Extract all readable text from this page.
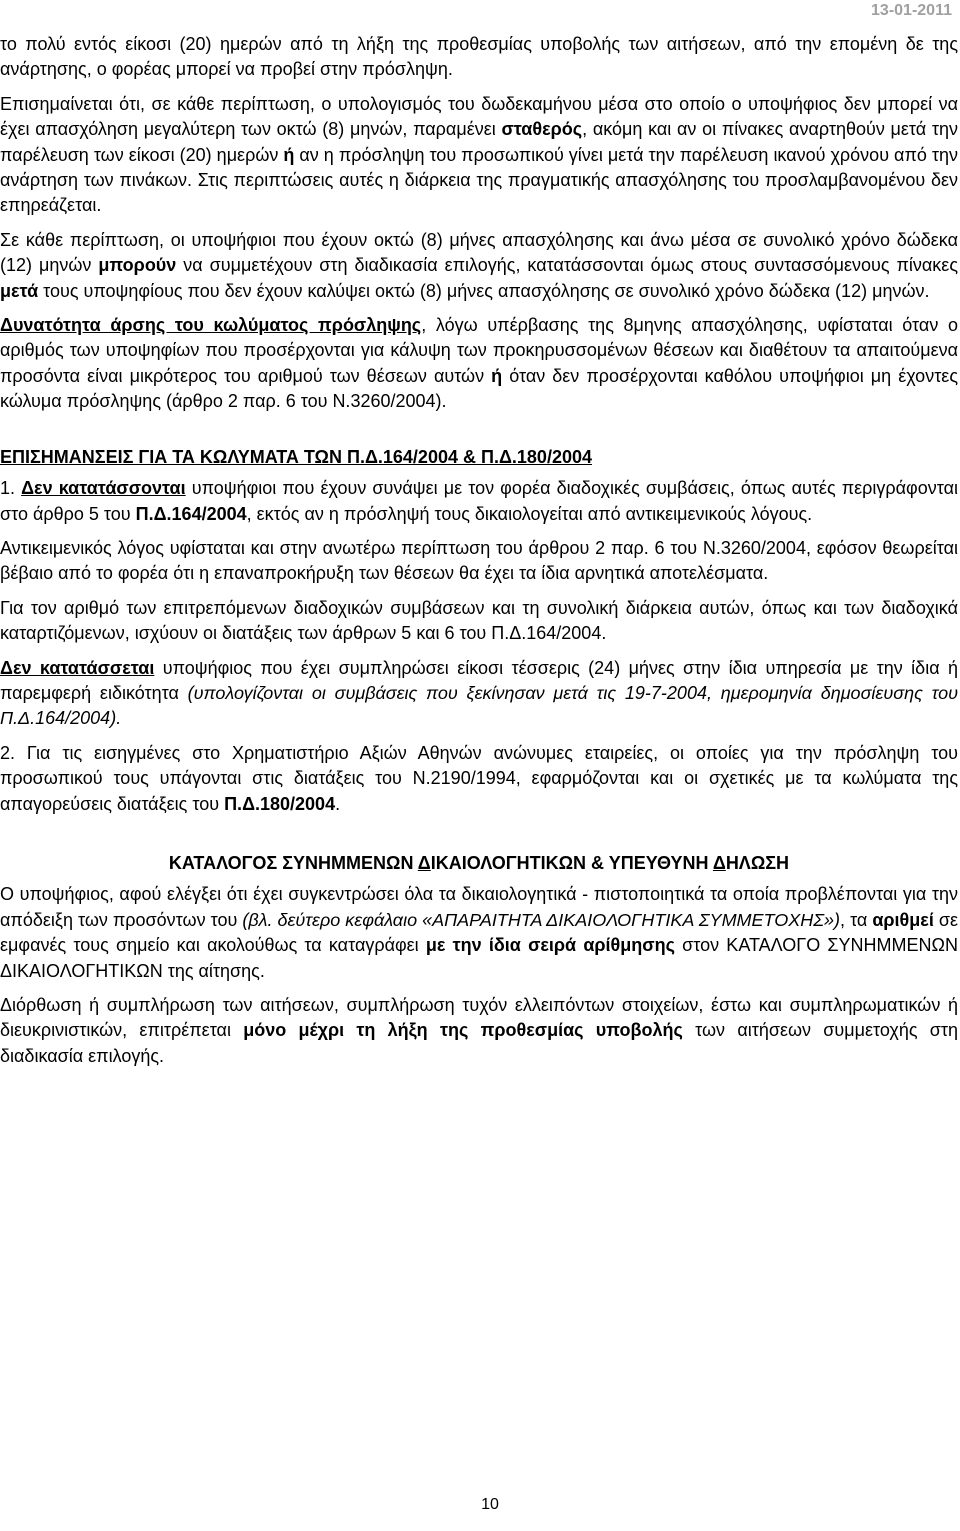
13-01-2011

το πολύ εντός είκοσι (20) ημερών από τη λήξη της προθεσμίας υποβολής των αιτήσεων, από την επομένη δε της ανάρτησης, ο φορέας μπορεί να προβεί στην πρόσληψη.

Επισημαίνεται ότι, σε κάθε περίπτωση, ο υπολογισμός του δωδεκαμήνου μέσα στο οποίο ο υποψήφιος δεν μπορεί να έχει απασχόληση μεγαλύτερη των οκτώ (8) μηνών, παραμένει σταθερός, ακόμη και αν οι πίνακες αναρτηθούν μετά την παρέλευση των είκοσι (20) ημερών ή αν η πρόσληψη του προσωπικού γίνει μετά την παρέλευση ικανού χρόνου από την ανάρτηση των πινάκων. Στις περιπτώσεις αυτές η διάρκεια της πραγματικής απασχόλησης του προσλαμβανομένου δεν επηρεάζεται.

Σε κάθε περίπτωση, οι υποψήφιοι που έχουν οκτώ (8) μήνες απασχόλησης και άνω μέσα σε συνολικό χρόνο δώδεκα (12) μηνών μπορούν να συμμετέχουν στη διαδικασία επιλογής, κατατάσσονται όμως στους συντασσόμενους πίνακες μετά τους υποψηφίους που δεν έχουν καλύψει οκτώ (8) μήνες απασχόλησης σε συνολικό χρόνο δώδεκα (12) μηνών.

Δυνατότητα άρσης του κωλύματος πρόσληψης, λόγω υπέρβασης της 8μηνης απασχόλησης, υφίσταται όταν ο αριθμός των υποψηφίων που προσέρχονται για κάλυψη των προκηρυσσομένων θέσεων και διαθέτουν τα απαιτούμενα προσόντα είναι μικρότερος του αριθμού των θέσεων αυτών ή όταν δεν προσέρχονται καθόλου υποψήφιοι μη έχοντες κώλυμα πρόσληψης (άρθρο 2 παρ. 6 του Ν.3260/2004).

ΕΠΙΣΗΜΑΝΣΕΙΣ ΓΙΑ ΤΑ ΚΩΛΥΜΑΤΑ ΤΩΝ Π.Δ.164/2004 & Π.Δ.180/2004

1. Δεν κατατάσσονται υποψήφιοι που έχουν συνάψει με τον φορέα διαδοχικές συμβάσεις, όπως αυτές περιγράφονται στο άρθρο 5 του Π.Δ.164/2004, εκτός αν η πρόσληψή τους δικαιολογείται από αντικειμενικούς λόγους.

Αντικειμενικός λόγος υφίσταται και στην ανωτέρω περίπτωση του άρθρου 2 παρ. 6 του Ν.3260/2004, εφόσον θεωρείται βέβαιο από το φορέα ότι η επαναπροκήρυξη των θέσεων θα έχει τα ίδια αρνητικά αποτελέσματα.

Για τον αριθμό των επιτρεπόμενων διαδοχικών συμβάσεων και τη συνολική διάρκεια αυτών, όπως και των διαδοχικά καταρτιζόμενων, ισχύουν οι διατάξεις των άρθρων 5 και 6 του Π.Δ.164/2004.

Δεν κατατάσσεται υποψήφιος που έχει συμπληρώσει είκοσι τέσσερις (24) μήνες στην ίδια υπηρεσία με την ίδια ή παρεμφερή ειδικότητα (υπολογίζονται οι συμβάσεις που ξεκίνησαν μετά τις 19-7-2004, ημερομηνία δημοσίευσης του Π.Δ.164/2004).

2. Για τις εισηγμένες στο Χρηματιστήριο Αξιών Αθηνών ανώνυμες εταιρείες, οι οποίες για την πρόσληψη του προσωπικού τους υπάγονται στις διατάξεις του Ν.2190/1994, εφαρμόζονται και οι σχετικές με τα κωλύματα της απαγορεύσεις διατάξεις του Π.Δ.180/2004.

ΚΑΤΑΛΟΓΟΣ ΣΥΝΗΜΜΕΝΩΝ ΔΙΚΑΙΟΛΟΓΗΤΙΚΩΝ & ΥΠΕΥΘΥΝΗ ΔΗΛΩΣΗ

Ο υποψήφιος, αφού ελέγξει ότι έχει συγκεντρώσει όλα τα δικαιολογητικά - πιστοποιητικά τα οποία προβλέπονται για την απόδειξη των προσόντων του (βλ. δεύτερο κεφάλαιο «ΑΠΑΡΑΙΤΗΤΑ ΔΙΚΑΙΟΛΟΓΗΤΙΚΑ ΣΥΜΜΕΤΟΧΗΣ»), τα αριθμεί σε εμφανές τους σημείο και ακολούθως τα καταγράφει με την ίδια σειρά αρίθμησης στον ΚΑΤΑΛΟΓΟ ΣΥΝΗΜΜΕΝΩΝ ΔΙΚΑΙΟΛΟΓΗΤΙΚΩΝ της αίτησης.

Διόρθωση ή συμπλήρωση των αιτήσεων, συμπλήρωση τυχόν ελλειπόντων στοιχείων, έστω και συμπληρωματικών ή διευκρινιστικών, επιτρέπεται μόνο μέχρι τη λήξη της προθεσμίας υποβολής των αιτήσεων συμμετοχής στη διαδικασία επιλογής.

10
